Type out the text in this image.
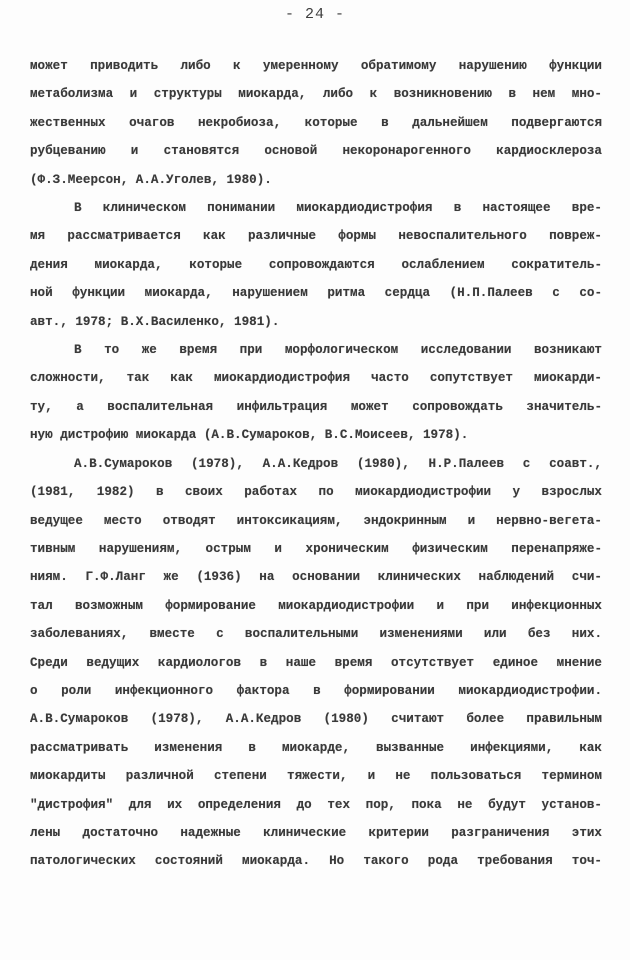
- 24 -
может приводить либо к умеренному обратимому нарушению функции
метаболизма и структуры миокарда, либо к возникновению в нем мно-
жественных очагов некробиоза, которые в дальнейшем подвергаются
рубцеванию и становятся основой некоронарогенного кардиосклероза
(Ф.З.Меерсон, А.А.Уголев, 1980).
В клиническом понимании миокардиодистрофия в настоящее вре-
мя рассматривается как различные формы невоспалительного повреж-
дения миокарда, которые сопровождаются ослаблением сократитель-
ной функции миокарда, нарушением ритма сердца (Н.П.Палеев с со-
авт., 1978; В.Х.Василенко, 1981).
В то же время при морфологическом исследовании возникают
сложности, так как миокардиодистрофия часто сопутствует миокарди-
ту, а воспалительная инфильтрация может сопровождать значитель-
ную дистрофию миокарда (А.В.Сумароков, В.С.Моисеев, 1978).
А.В.Сумароков (1978), А.А.Кедров (1980), Н.Р.Палеев с соавт.,
(1981, 1982) в своих работах по миокардиодистрофии у взрослых
ведущее место отводят интоксикациям, эндокринным и нервно-вегета-
тивным нарушениям, острым и хроническим физическим перенапряже-
ниям. Г.Ф.Ланг же (1936) на основании клинических наблюдений счи-
тал возможным формирование миокардиодистрофии и при инфекционных
заболеваниях, вместе с воспалительными изменениями или без них.
Среди ведущих кардиологов в наше время отсутствует единое мнение
о роли инфекционного фактора в формировании миокардиодистрофии.
А.В.Сумароков (1978), А.А.Кедров (1980) считают более правильным
рассматривать изменения в миокарде, вызванные инфекциями, как
миокардиты различной степени тяжести, и не пользоваться термином
"дистрофия" для их определения до тех пор, пока не будут установ-
лены достаточно надежные клинические критерии разграничения этих
патологических состояний миокарда. Но такого рода требования точ-
